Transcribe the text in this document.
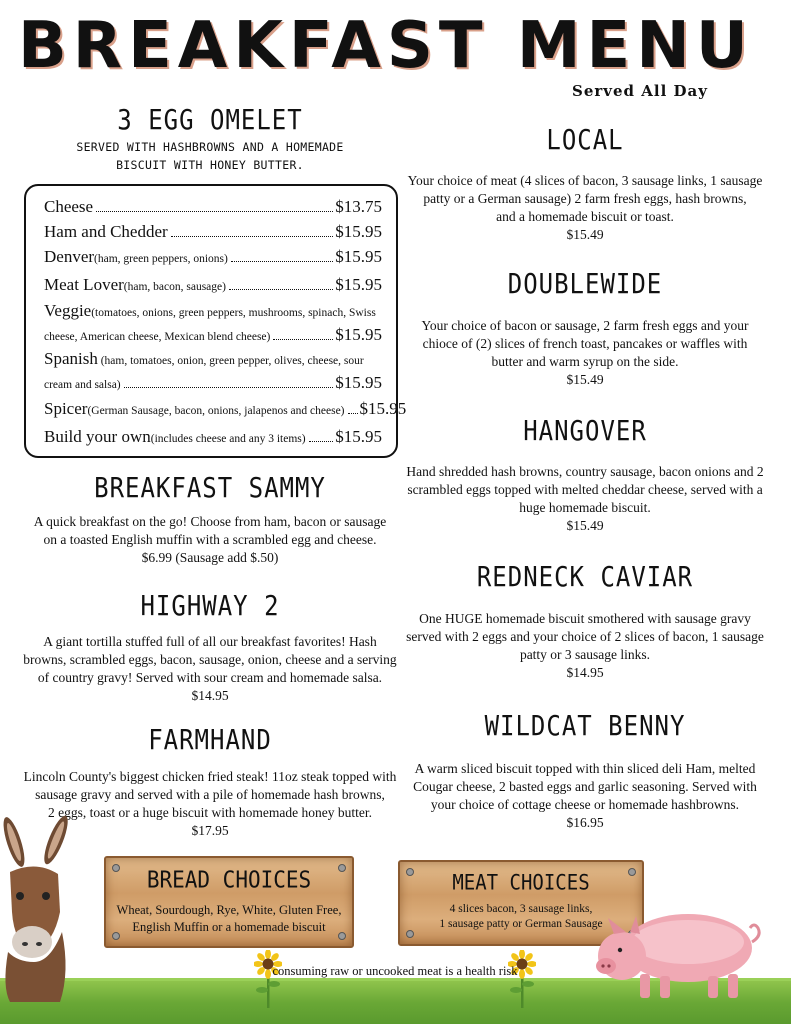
BREAKFAST MENU
Served All Day
3 EGG OMELET
SERVED WITH HASHBROWNS AND A HOMEMADE
BISCUIT WITH HONEY BUTTER.
Cheese	$13.75
Ham and Chedder	$15.95
Denver (ham, green peppers, onions)	$15.95
Meat Lover (ham, bacon, sausage)	$15.95
Veggie(tomatoes, onions, green peppers, mushrooms, spinach, Swiss
cheese, American cheese, Mexican blend cheese)	$15.95
Spanish (ham, tomatoes, onion, green pepper, olives, cheese, sour
cream and salsa)	$15.95
Spicer (German Sausage, bacon, onions, jalapenos and cheese) $15.95
Build your own (includes cheese and any 3 items) $15.95
BREAKFAST SAMMY
A quick breakfast on the go! Choose from ham, bacon or sausage
on a toasted English muffin with a scrambled egg and cheese.
$6.99 (Sausage add $.50)
HIGHWAY 2
A giant tortilla stuffed full of all our breakfast favorites! Hash
browns, scrambled eggs, bacon, sausage, onion, cheese and a serving
of country gravy! Served with sour cream and homemade salsa.
$14.95
FARMHAND
Lincoln County's biggest chicken fried steak! 11oz steak topped with
sausage gravy and served with a pile of homemade hash browns,
2 eggs, toast or a huge biscuit with homemade honey butter.
$17.95
LOCAL
Your choice of meat (4 slices of bacon, 3 sausage links, 1 sausage
patty or a German sausage) 2 farm fresh eggs, hash browns,
and a homemade biscuit or toast.
$15.49
DOUBLEWIDE
Your choice of bacon or sausage, 2 farm fresh eggs and your
chioce of (2) slices of french toast, pancakes or waffles with
butter and warm syrup on the side.
$15.49
HANGOVER
Hand shredded hash browns, country sausage, bacon onions and 2
scrambled eggs topped with melted cheddar cheese, served with a
huge homemade biscuit.
$15.49
REDNECK CAVIAR
One HUGE homemade biscuit smothered with sausage gravy
served with 2 eggs and your choice of 2 slices of bacon, 1 sausage
patty or 3 sausage links.
$14.95
WILDCAT BENNY
A warm sliced biscuit topped with thin sliced deli Ham, melted
Cougar cheese, 2 basted eggs and garlic seasoning. Served with
your choice of cottage cheese or homemade hashbrowns.
$16.95
BREAD CHOICES
Wheat, Sourdough, Rye, White, Gluten Free,
English Muffin or a homemade biscuit
MEAT CHOICES
4 slices bacon, 3 sausage links,
1 sausage patty or German Sausage
consuming raw or uncooked meat is a health risk
